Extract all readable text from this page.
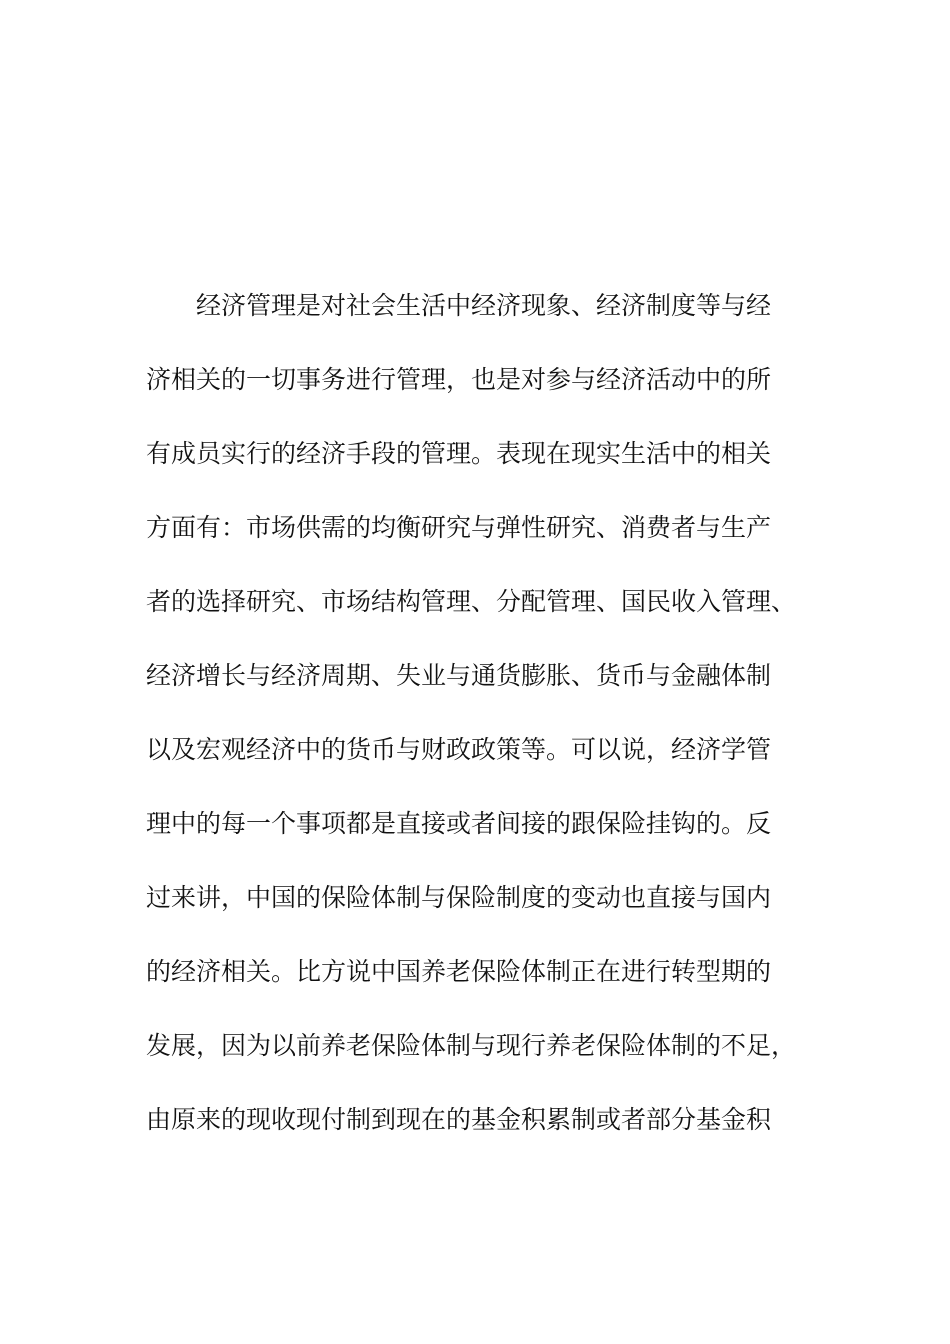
经济管理是对社会生活中经济现象、经济制度等与经
济相关的一切事务进行管理，也是对参与经济活动中的所
有成员实行的经济手段的管理。表现在现实生活中的相关
方面有：市场供需的均衡研究与弹性研究、消费者与生产
者的选择研究、市场结构管理、分配管理、国民收入管理、
经济增长与经济周期、失业与通货膨胀、货币与金融体制
以及宏观经济中的货币与财政政策等。可以说，经济学管
理中的每一个事项都是直接或者间接的跟保险挂钩的。反
过来讲，中国的保险体制与保险制度的变动也直接与国内
的经济相关。比方说中国养老保险体制正在进行转型期的
发展，因为以前养老保险体制与现行养老保险体制的不足，
由原来的现收现付制到现在的基金积累制或者部分基金积
